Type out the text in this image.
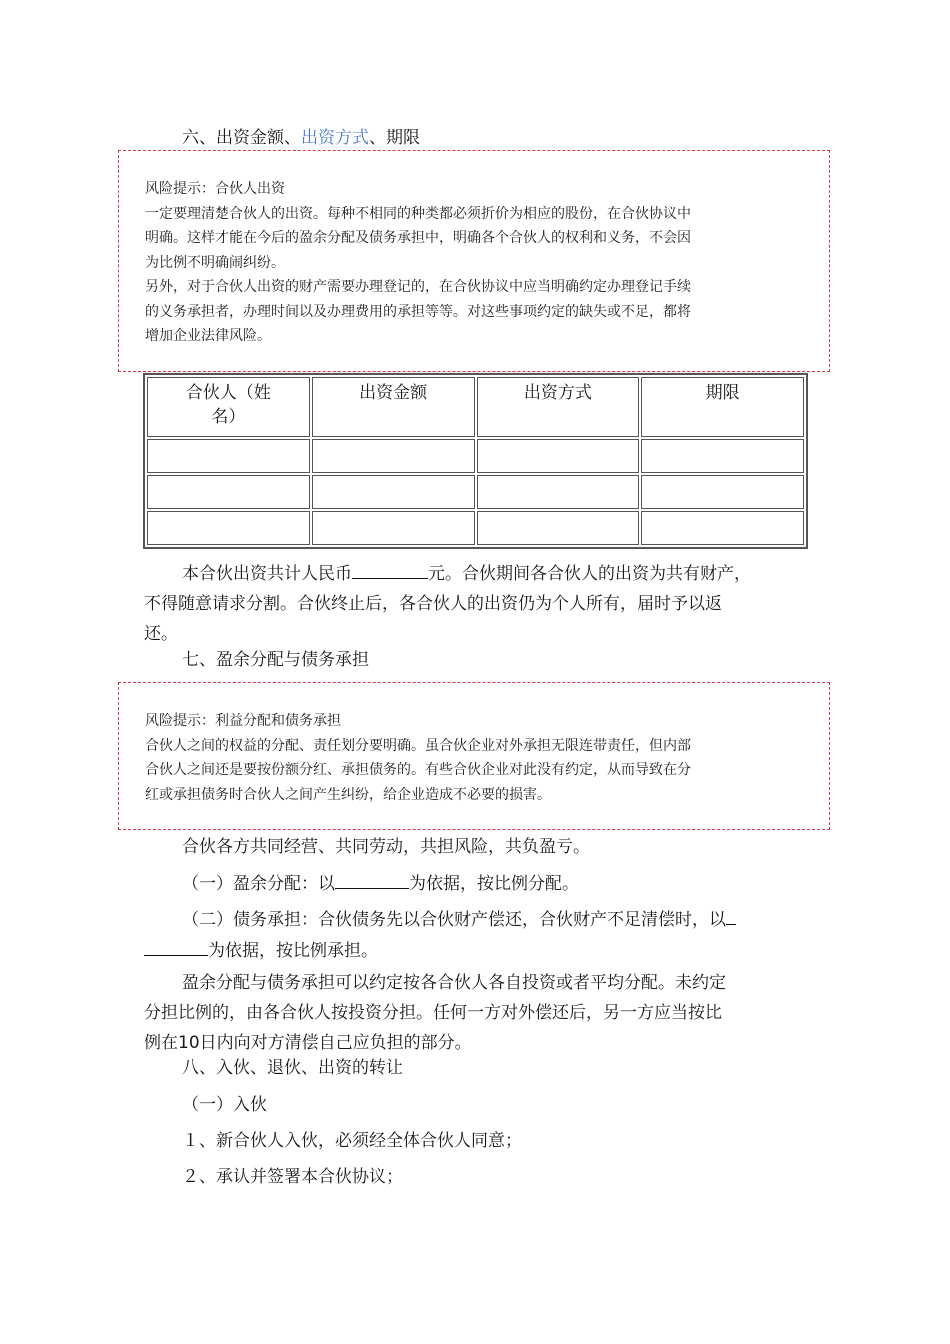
六、出资金额、出资方式、期限
风险提示：合伙人出资
一定要理清楚合伙人的出资。每种不相同的种类都必须折价为相应的股份，在合伙协议中
明确。这样才能在今后的盈余分配及债务承担中，明确各个合伙人的权利和义务，不会因
为比例不明确闹纠纷。
另外，对于合伙人出资的财产需要办理登记的，在合伙协议中应当明确约定办理登记手续
的义务承担者，办理时间以及办理费用的承担等等。对这些事项约定的缺失或不足，都将
增加企业法律风险。
合伙人（姓名）	出资金额	出资方式	期限

本合伙出资共计人民币	元。合伙期间各合伙人的出资为共有财产，
不得随意请求分割。合伙终止后，各合伙人的出资仍为个人所有，届时予以返
还。
七、盈余分配与债务承担
风险提示：利益分配和债务承担
合伙人之间的权益的分配、责任划分要明确。虽合伙企业对外承担无限连带责任，但内部
合伙人之间还是要按份额分红、承担债务的。有些合伙企业对此没有约定，从而导致在分
红或承担债务时合伙人之间产生纠纷，给企业造成不必要的损害。
合伙各方共同经营、共同劳动，共担风险，共负盈亏。
（一）盈余分配：以	为依据，按比例分配。
（二）债务承担：合伙债务先以合伙财产偿还，合伙财产不足清偿时，以
为依据，按比例承担。
盈余分配与债务承担可以约定按各合伙人各自投资或者平均分配。未约定
分担比例的，由各合伙人按投资分担。任何一方对外偿还后，另一方应当按比
例在10日内向对方清偿自己应负担的部分。
八、入伙、退伙、出资的转让
（一）入伙
１、新合伙人入伙，必须经全体合伙人同意；
２、承认并签署本合伙协议；
